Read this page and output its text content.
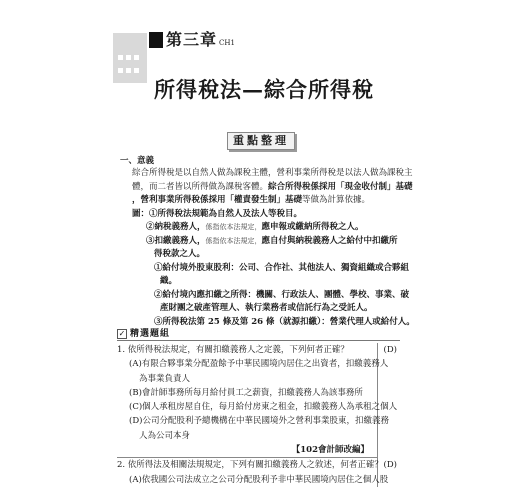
第三章 CH1
所得稅法—綜合所得稅
重點整理
一、意義

綜合所得稅是以自然人做為課稅主體，營利事業所得稅是以法人做為課稅主

體，而二者皆以所得做為課稅客體。綜合所得稅係採用「現金收付制」基礎

，營利事業所得稅係採用「權責發生制」基礎等做為計算依據。

圖：①所得稅法規範為自然人及法人等稅目。

②納稅義務人，係指依本法規定，應申報或繳納所得稅之人。

③扣繳義務人，係指依本法規定，應自付與納稅義務人之給付中扣繳所

得稅款之人。

①給付境外股東股利：公司、合作社、其他法人、獨資組織或合夥組

織。

②給付境內應扣繳之所得：機關、行政法人、團體、學校、事業、破

產財團之破產管理人、執行業務者或信託行為之受託人。

③所得稅法第 25 條及第 26 條（就源扣繳）：營業代理人或給付人。

✓ 精選題組

1. 依所得稅法規定，有關扣繳義務人之定義，下列何者正確？	(D)

(A)有限合夥事業分配盈餘予中華民國境內居住之出資者，扣繳義務人

為事業負責人

(B)會計師事務所每月給付員工之薪資，扣繳義務人為該事務所

(C)個人承租房屋自住，每月給付房東之租金，扣繳義務人為承租之個人

(D)公司分配股利予總機構在中華民國境外之營利事業股東，扣繳義務

人為公司本身

【102會計師改編】

2. 依所得法及相關法規規定，下列有關扣繳義務人之敘述，何者正確？ (D)

(A)依我國公司法成立之公司分配股利予非中華民國境內居住之個人股
